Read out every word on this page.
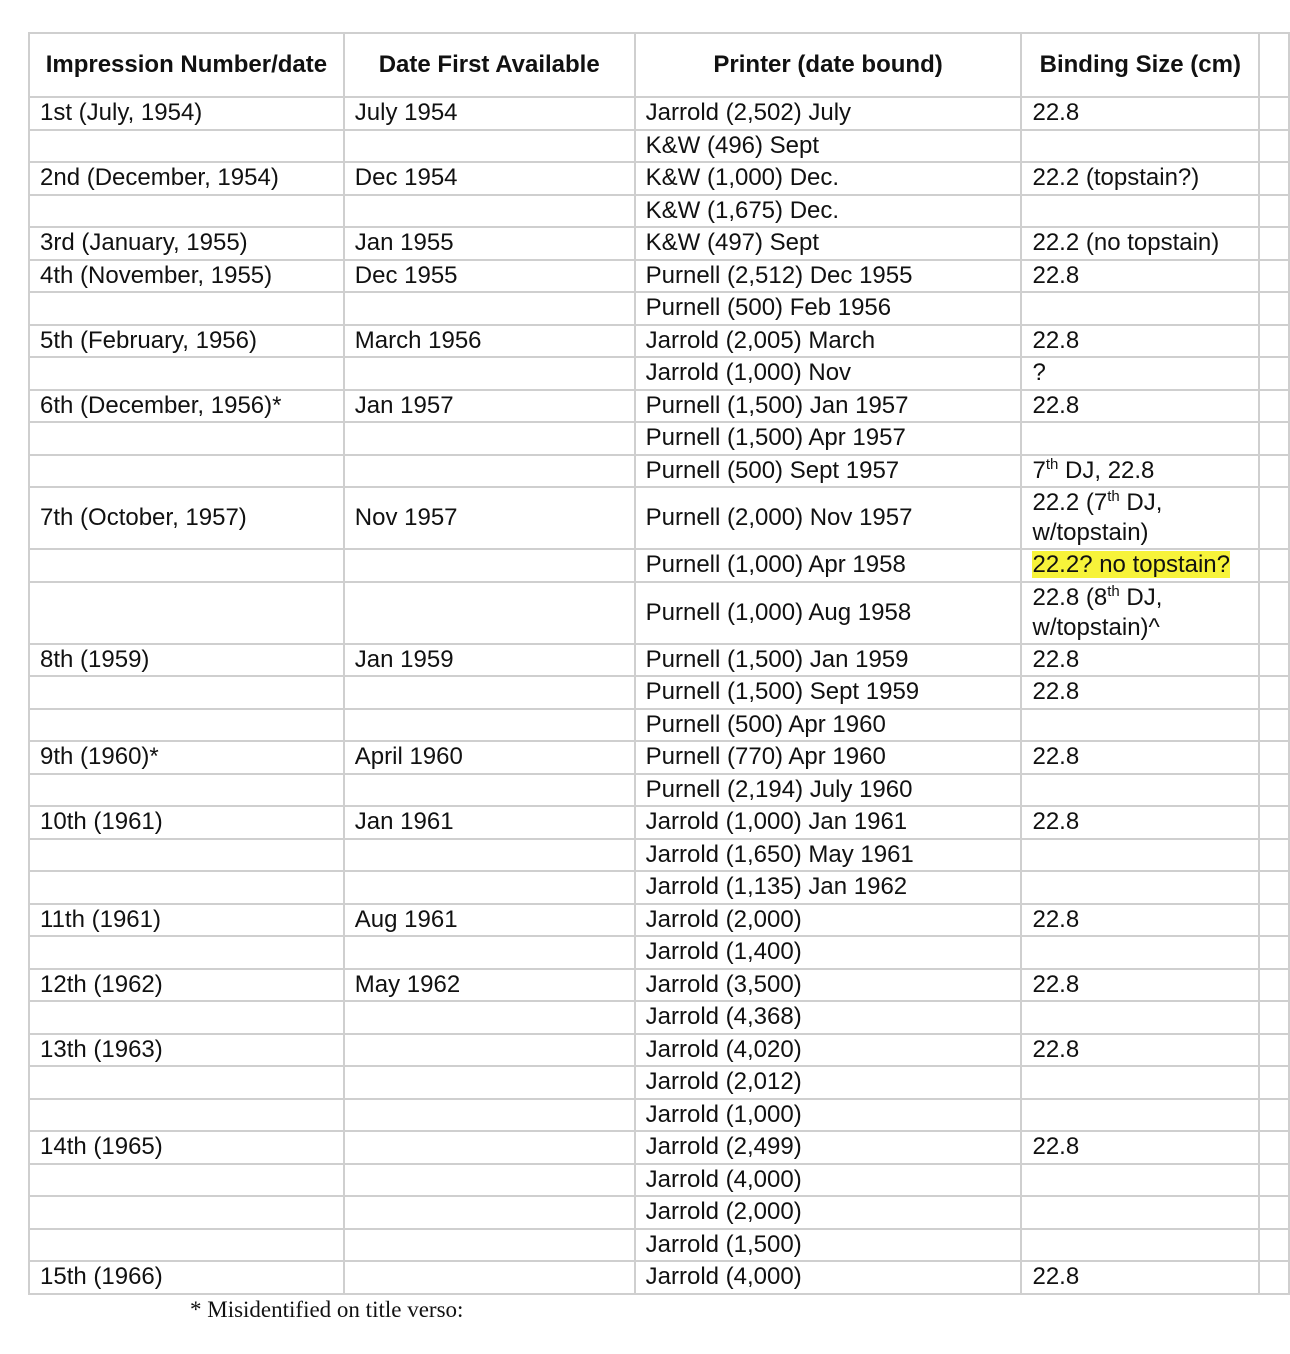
Impression Number/date	Date First Available	Printer (date bound)	Binding Size (cm)	
1st (July, 1954)	July 1954	Jarrold (2,502) July	22.8	
		K&W (496) Sept		
2nd (December, 1954)	Dec 1954	K&W (1,000) Dec.	22.2 (topstain?)	
		K&W (1,675) Dec.		
3rd (January, 1955)	Jan 1955	K&W (497) Sept	22.2 (no topstain)	
4th (November, 1955)	Dec 1955	Purnell (2,512) Dec 1955	22.8	
		Purnell (500) Feb 1956		
5th (February, 1956)	March 1956	Jarrold (2,005) March	22.8	
		Jarrold (1,000) Nov	?	
6th (December, 1956)*	Jan 1957	Purnell (1,500) Jan 1957	22.8	
		Purnell (1,500) Apr 1957		
		Purnell (500) Sept 1957	7th DJ, 22.8	
7th (October, 1957)	Nov 1957	Purnell (2,000) Nov 1957	22.2 (7th DJ, w/topstain)	
		Purnell (1,000) Apr 1958	22.2? no topstain?	
		Purnell (1,000) Aug 1958	22.8 (8th DJ, w/topstain)^	
8th (1959)	Jan 1959	Purnell (1,500) Jan 1959	22.8	
		Purnell (1,500) Sept 1959	22.8	
		Purnell (500) Apr 1960		
9th (1960)*	April 1960	Purnell (770) Apr 1960	22.8	
		Purnell (2,194) July 1960		
10th (1961)	Jan 1961	Jarrold (1,000) Jan 1961	22.8	
		Jarrold (1,650) May 1961		
		Jarrold (1,135) Jan 1962		
11th (1961)	Aug 1961	Jarrold (2,000)	22.8	
		Jarrold (1,400)		
12th (1962)	May 1962	Jarrold (3,500)	22.8	
		Jarrold (4,368)		
13th (1963)		Jarrold (4,020)	22.8	
		Jarrold (2,012)		
		Jarrold (1,000)		
14th (1965)		Jarrold (2,499)	22.8	
		Jarrold (4,000)		
		Jarrold (2,000)		
		Jarrold (1,500)		
15th (1966)		Jarrold (4,000)	22.8	
* Misidentified on title verso:
